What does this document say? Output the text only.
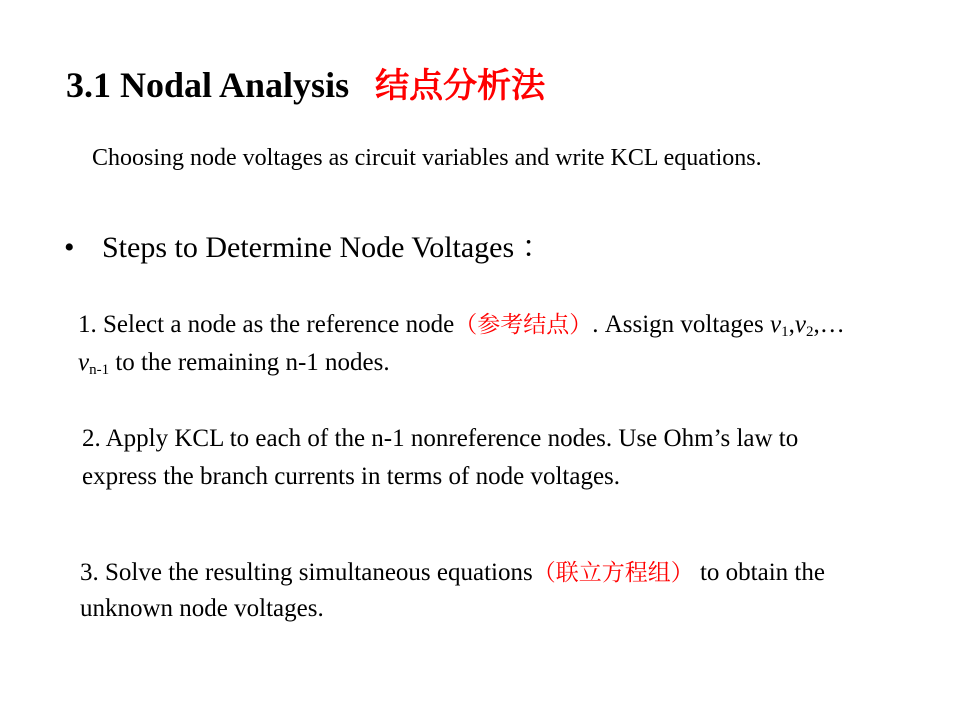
3.1 Nodal Analysis 结点分析法
Choosing node voltages as circuit variables and write KCL equations.
• Steps to Determine Node Voltages ：
1. Select a node as the reference node（参考结点）. Assign voltages $v_1,v_2,\dots v_{n-1}$ to the remaining n-1 nodes.
2. Apply KCL to each of the n-1 nonreference nodes. Use Ohm’s law to express the branch currents in terms of node voltages.
3. Solve the resulting simultaneous equations（联立方程组） to obtain the unknown node voltages.
